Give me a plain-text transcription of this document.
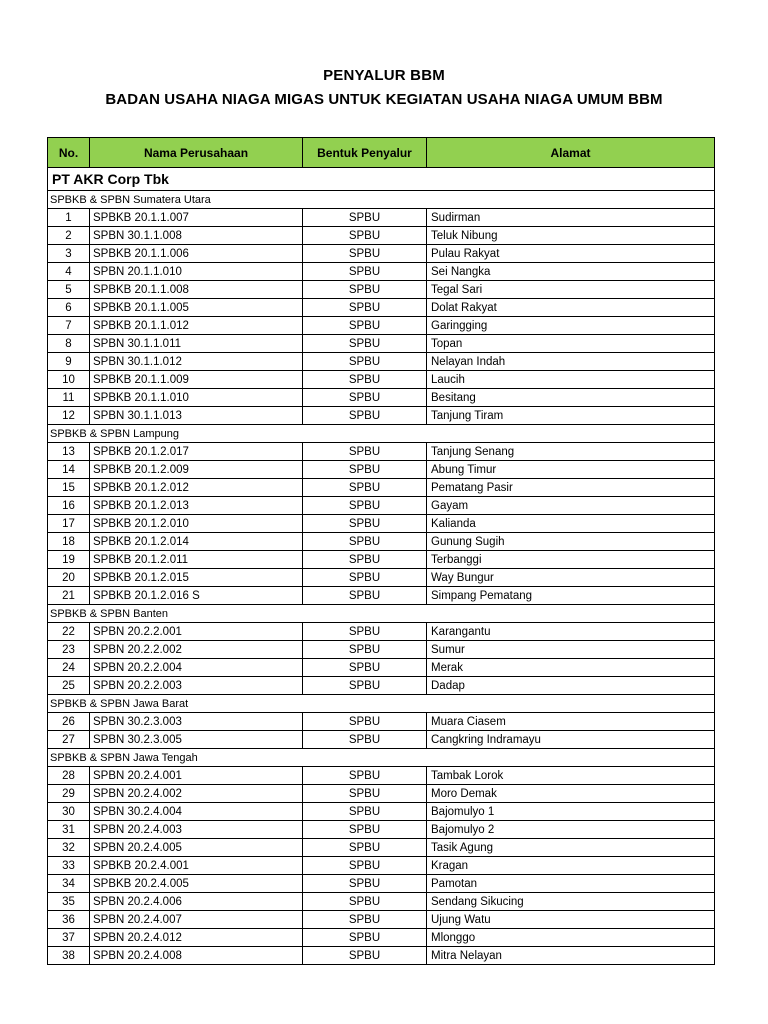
PENYALUR BBM
BADAN USAHA NIAGA MIGAS UNTUK KEGIATAN USAHA NIAGA UMUM BBM
No.	Nama Perusahaan	Bentuk Penyalur	Alamat
PT AKR Corp Tbk			
SPBKB & SPBN Sumatera Utara			
1	SPBKB 20.1.1.007	SPBU	Sudirman
2	SPBN 30.1.1.008	SPBU	Teluk Nibung
3	SPBKB 20.1.1.006	SPBU	Pulau Rakyat
4	SPBN 20.1.1.010	SPBU	Sei Nangka
5	SPBKB 20.1.1.008	SPBU	Tegal Sari
6	SPBKB 20.1.1.005	SPBU	Dolat Rakyat
7	SPBKB 20.1.1.012	SPBU	Garingging
8	SPBN 30.1.1.011	SPBU	Topan
9	SPBN 30.1.1.012	SPBU	Nelayan Indah
10	SPBKB 20.1.1.009	SPBU	Laucih
11	SPBKB 20.1.1.010	SPBU	Besitang
12	SPBN 30.1.1.013	SPBU	Tanjung Tiram
SPBKB & SPBN Lampung			
13	SPBKB 20.1.2.017	SPBU	Tanjung Senang
14	SPBKB 20.1.2.009	SPBU	Abung Timur
15	SPBKB 20.1.2.012	SPBU	Pematang Pasir
16	SPBKB 20.1.2.013	SPBU	Gayam
17	SPBKB 20.1.2.010	SPBU	Kalianda
18	SPBKB 20.1.2.014	SPBU	Gunung Sugih
19	SPBKB 20.1.2.011	SPBU	Terbanggi
20	SPBKB 20.1.2.015	SPBU	Way Bungur
21	SPBKB 20.1.2.016 S	SPBU	Simpang Pematang
SPBKB & SPBN Banten			
22	SPBN 20.2.2.001	SPBU	Karangantu
23	SPBN 20.2.2.002	SPBU	Sumur
24	SPBN 20.2.2.004	SPBU	Merak
25	SPBN 20.2.2.003	SPBU	Dadap
SPBKB & SPBN Jawa Barat			
26	SPBN 30.2.3.003	SPBU	Muara Ciasem
27	SPBN 30.2.3.005	SPBU	Cangkring Indramayu
SPBKB & SPBN Jawa Tengah			
28	SPBN 20.2.4.001	SPBU	Tambak Lorok
29	SPBN 20.2.4.002	SPBU	Moro Demak
30	SPBN 30.2.4.004	SPBU	Bajomulyo 1
31	SPBN 20.2.4.003	SPBU	Bajomulyo 2
32	SPBN 20.2.4.005	SPBU	Tasik Agung
33	SPBKB 20.2.4.001	SPBU	Kragan
34	SPBKB 20.2.4.005	SPBU	Pamotan
35	SPBN 20.2.4.006	SPBU	Sendang Sikucing
36	SPBN 20.2.4.007	SPBU	Ujung Watu
37	SPBN 20.2.4.012	SPBU	Mlonggo
38	SPBN 20.2.4.008	SPBU	Mitra Nelayan
